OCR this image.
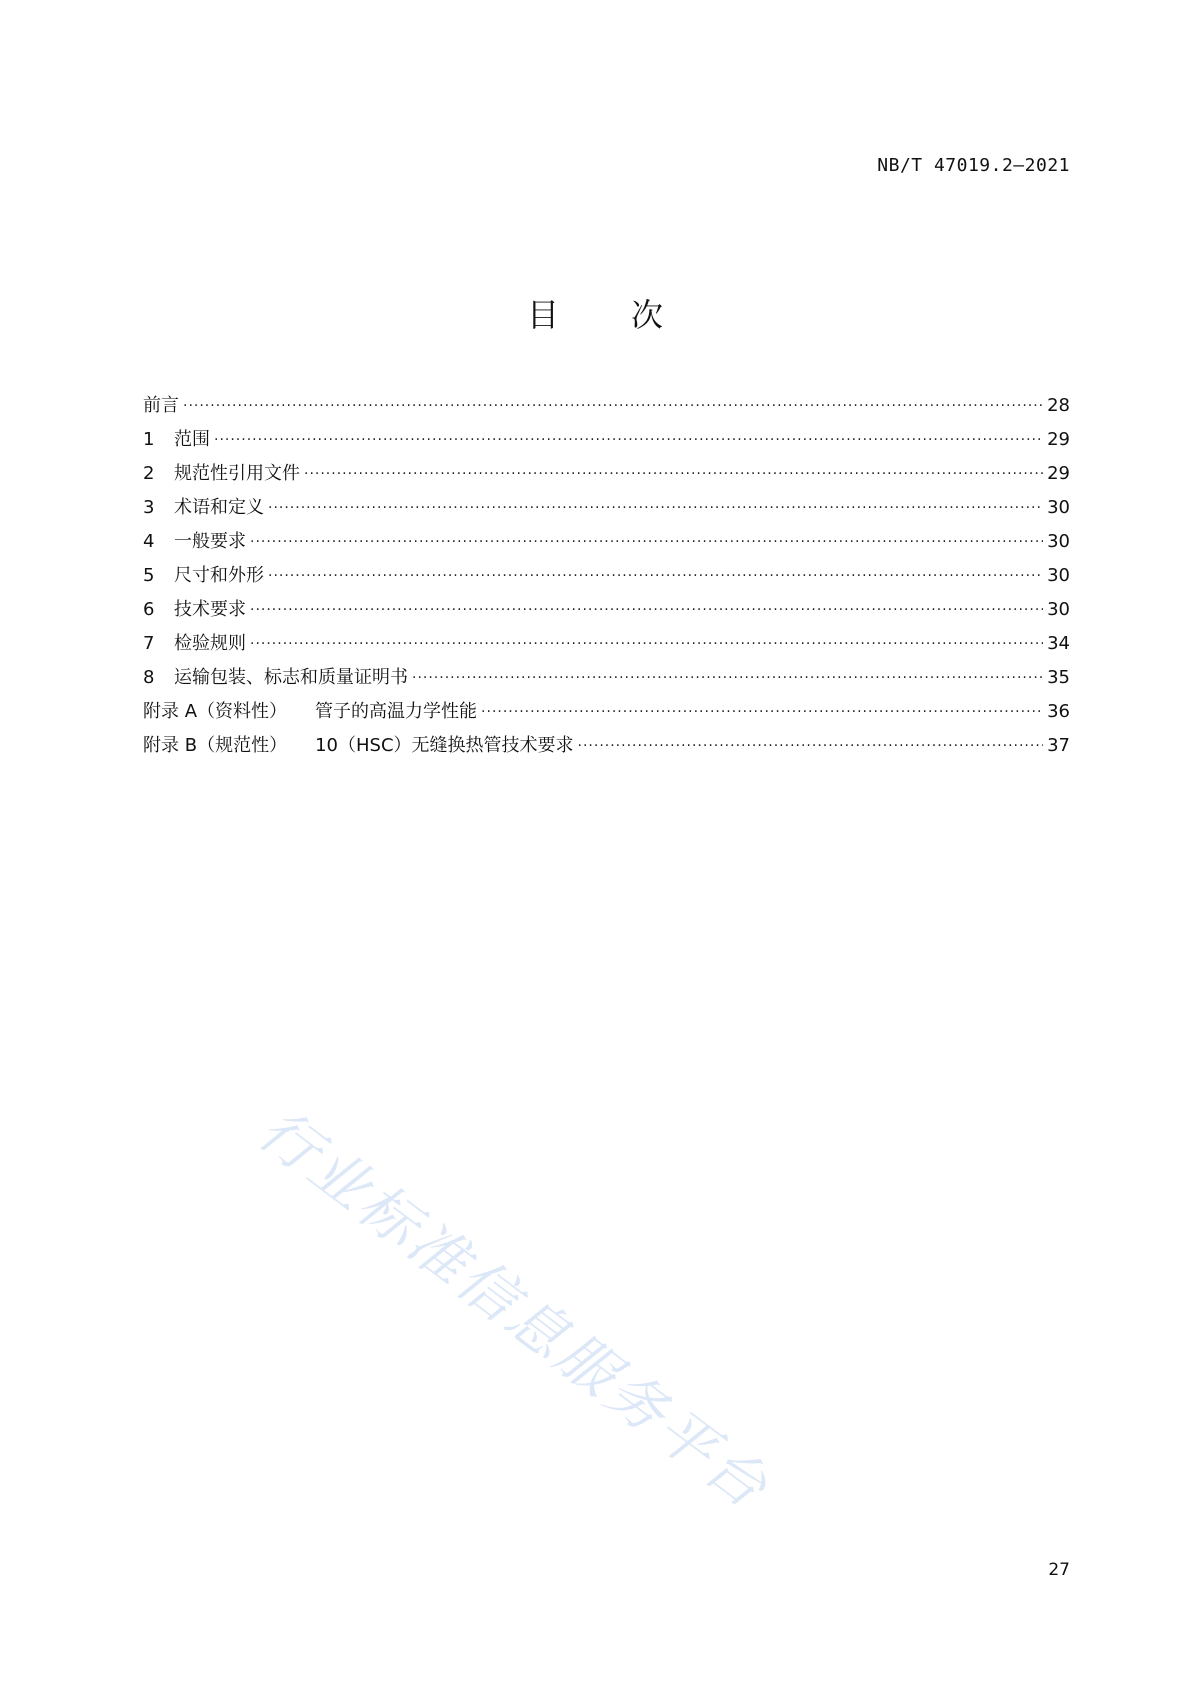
NB/T 47019.2—2021
目 次
前言 ·····	28
1	范围 ·····	29
2	规范性引用文件 ·····	29
3	术语和定义 ·····	30
4	一般要求 ·····	30
5	尺寸和外形 ·····	30
6	技术要求 ·····	30
7	检验规则 ·····	34
8	运输包装、标志和质量证明书 ·····	35
附录 A（资料性） 管子的高温力学性能 ·····	36
附录 B（规范性） 10（HSC）无缝换热管技术要求 ·····	37
行业标准信息服务平台
27
